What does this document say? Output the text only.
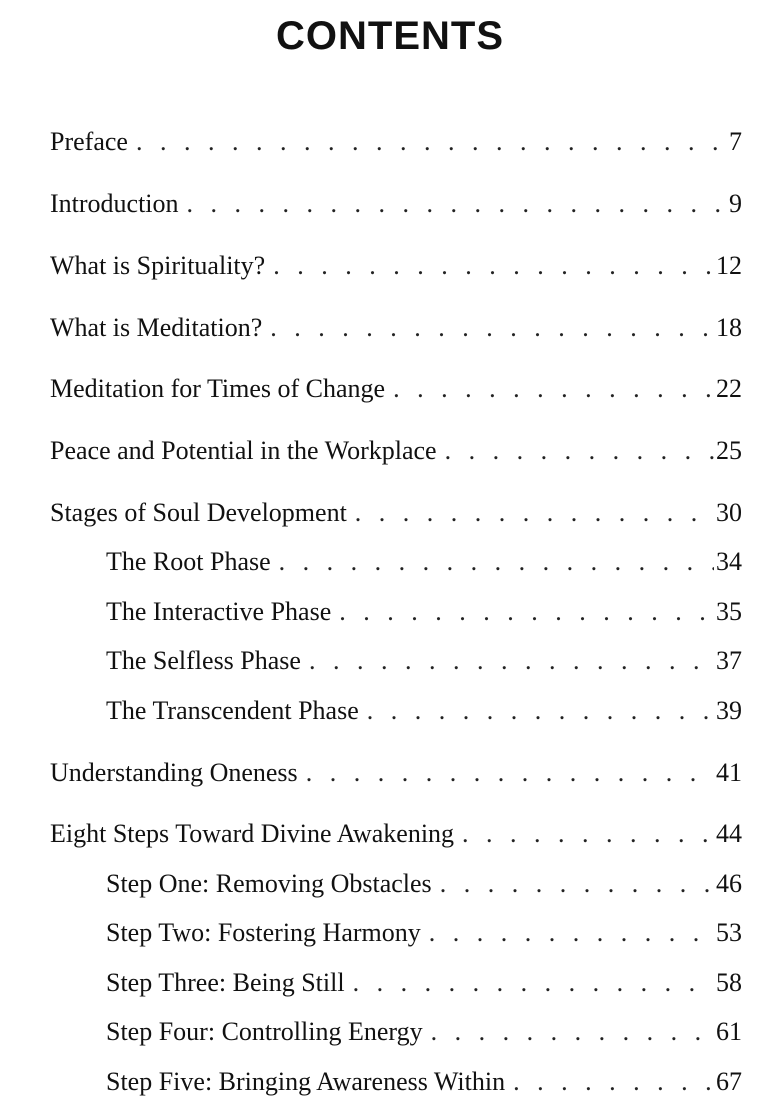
CONTENTS
Preface . . .	7
Introduction . . .	9
What is Spirituality? . . .	12
What is Meditation? . . .	18
Meditation for Times of Change . . .	22
Peace and Potential in the Workplace . . .	25
Stages of Soul Development . . .	30
The Root Phase . . .	34
The Interactive Phase . . .	35
The Selfless Phase . . .	37
The Transcendent Phase . . .	39
Understanding Oneness . . .	41
Eight Steps Toward Divine Awakening . . .	44
Step One: Removing Obstacles . . .	46
Step Two: Fostering Harmony . . .	53
Step Three: Being Still . . .	58
Step Four: Controlling Energy . . .	61
Step Five: Bringing Awareness Within . . .	67
